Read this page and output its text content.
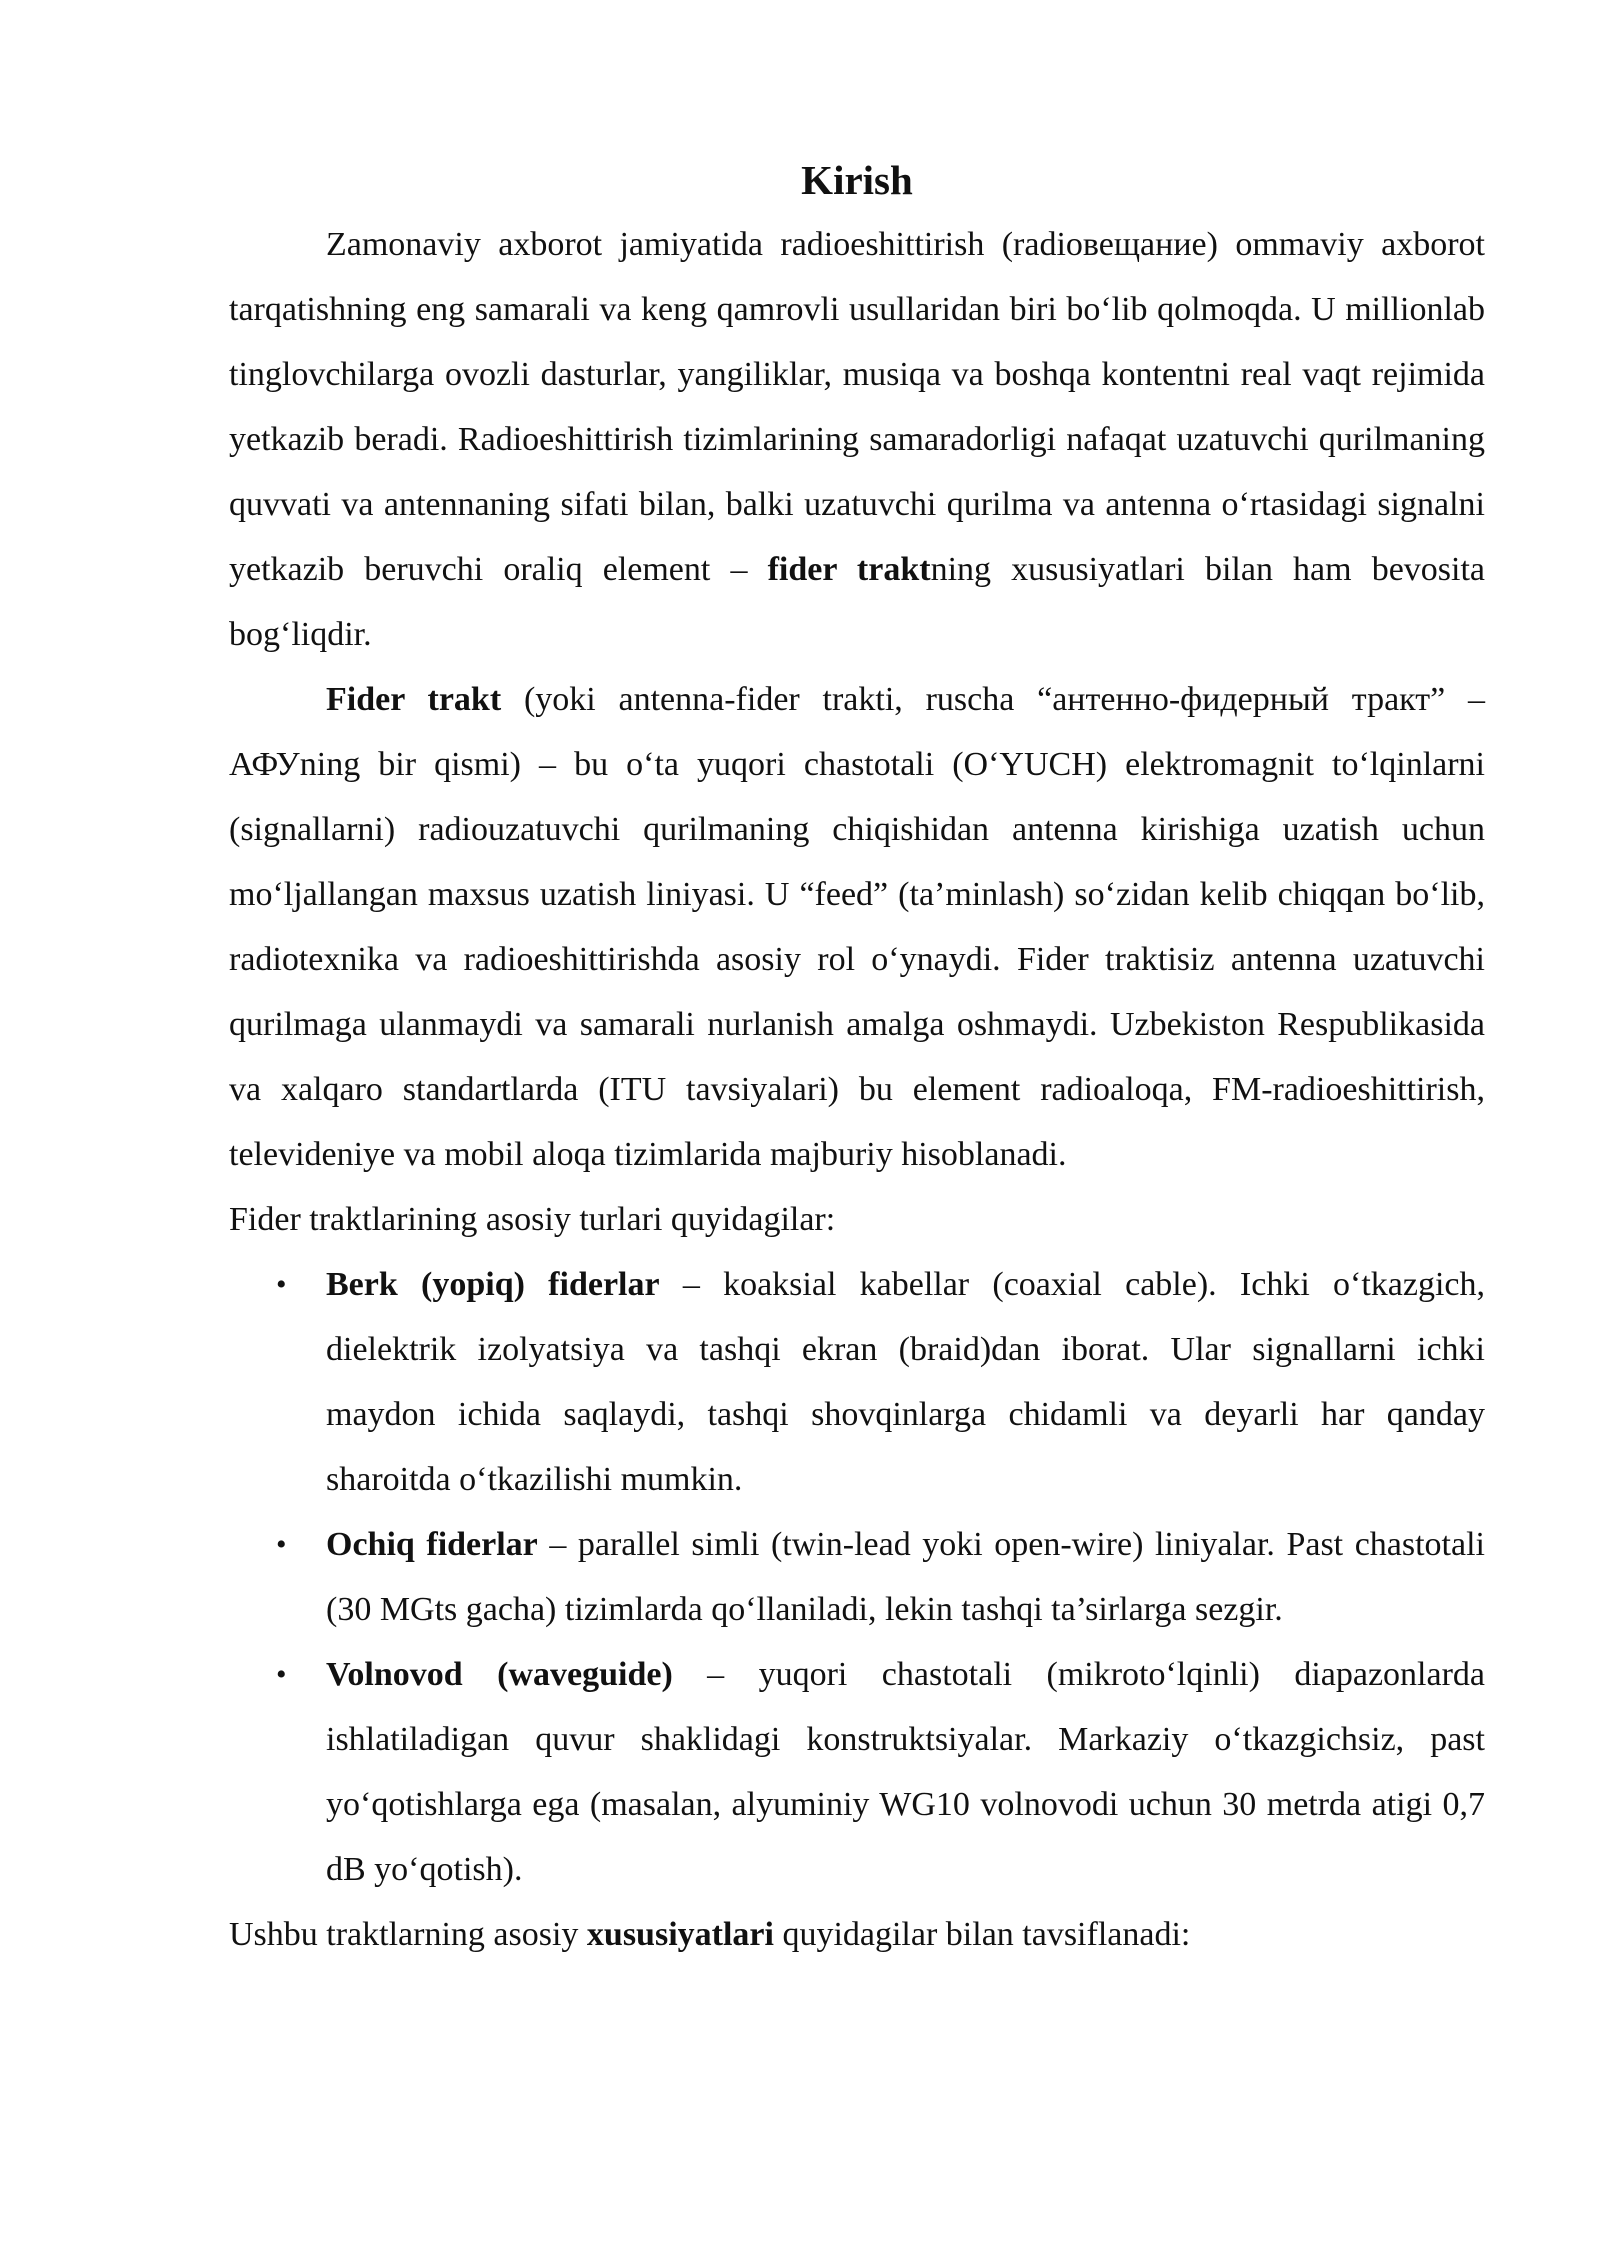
Kirish

Zamonaviy axborot jamiyatida radioeshittirish (radioвещание) ommaviy axborot tarqatishning eng samarali va keng qamrovli usullaridan biri bo‘lib qolmoqda. U millionlab tinglovchilarga ovozli dasturlar, yangiliklar, musiqa va boshqa kontentni real vaqt rejimida yetkazib beradi. Radioeshittirish tizimlarining samaradorligi nafaqat uzatuvchi qurilmaning quvvati va antennaning sifati bilan, balki uzatuvchi qurilma va antenna o‘rtasidagi signalni yetkazib beruvchi oraliq element – fider traktning xususiyatlari bilan ham bevosita bog‘liqdir.

Fider trakt (yoki antenna-fider trakti, ruscha “антенно-фидерный тракт” – АФУning bir qismi) – bu o‘ta yuqori chastotali (O‘YUCH) elektromagnit to‘lqinlarni (signallarni) radiouzatuvchi qurilmaning chiqishidan antenna kirishiga uzatish uchun mo‘ljallangan maxsus uzatish liniyasi. U “feed” (ta’minlash) so‘zidan kelib chiqqan bo‘lib, radiotexnika va radioeshittirishda asosiy rol o‘ynaydi. Fider traktisiz antenna uzatuvchi qurilmaga ulanmaydi va samarali nurlanish amalga oshmaydi. Uzbekiston Respublikasida va xalqaro standartlarda (ITU tavsiyalari) bu element radioaloqa, FM-radioeshittirish, televideniye va mobil aloqa tizimlarida majburiy hisoblanadi.

Fider traktlarining asosiy turlari quyidagilar:

• Berk (yopiq) fiderlar – koaksial kabellar (coaxial cable). Ichki o‘tkazgich, dielektrik izolyatsiya va tashqi ekran (braid)dan iborat. Ular signallarni ichki maydon ichida saqlaydi, tashqi shovqinlarga chidamli va deyarli har qanday sharoitda o‘tkazilishi mumkin.
• Ochiq fiderlar – parallel simli (twin-lead yoki open-wire) liniyalar. Past chastotali (30 MGts gacha) tizimlarda qo‘llaniladi, lekin tashqi ta’sirlarga sezgir.
• Volnovod (waveguide) – yuqori chastotali (mikroto‘lqinli) diapazonlarda ishlatiladigan quvur shaklidagi konstruktsiyalar. Markaziy o‘tkazgichsiz, past yo‘qotishlarga ega (masalan, alyuminiy WG10 volnovodi uchun 30 metrda atigi 0,7 dB yo‘qotish).

Ushbu traktlarning asosiy xususiyatlari quyidagilar bilan tavsiflanadi:
